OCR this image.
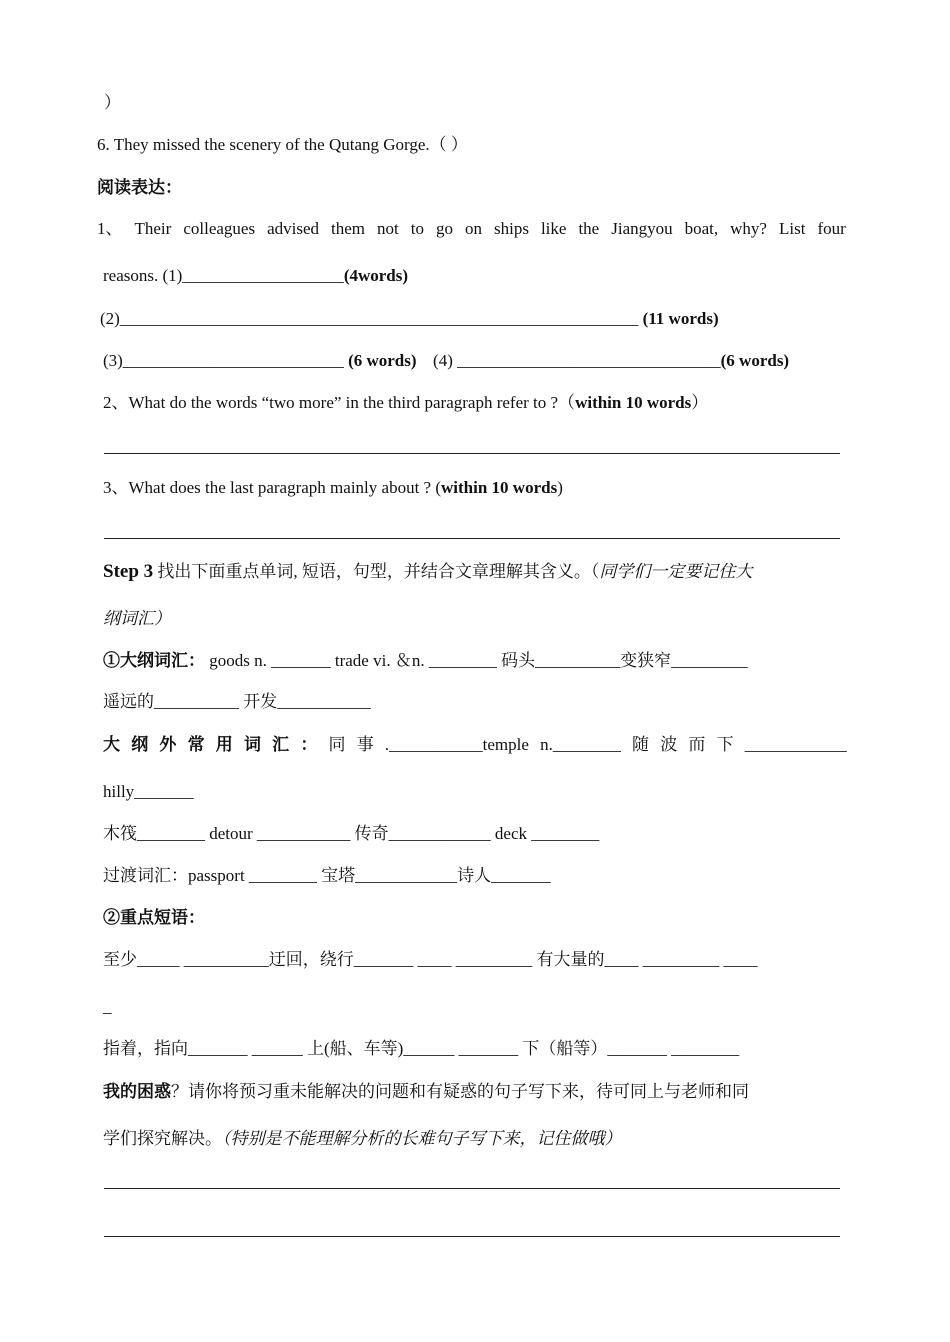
）
6. They missed the scenery of the Qutang Gorge.（ ）
阅读表达：
1、 Their colleagues advised them not to go on ships like the Jiangyou boat, why? List four
reasons. (1)___________________(4words)
(2)_____________________________________________________________ (11 words)
(3)__________________________ (6 words) (4) _______________________________(6 words)
2、What do the words “two more” in the third paragraph refer to ?（within 10 words）
3、What does the last paragraph mainly about ? (within 10 words)
Step 3 找出下面重点单词, 短语，句型，并结合文章理解其含义。（同学们一定要记住大
纲词汇）
①大纲词汇： goods n. _______ trade vi. ＆n. ________ 码头__________变狭窄_________
遥远的__________ 开发___________
大 纲 外 常 用 词 汇 ： 同 事 .___________temple n.________ 随 波 而 下 ____________
hilly_______
木筏________ detour ___________ 传奇____________ deck ________
过渡词汇：passport ________ 宝塔____________诗人_______
②重点短语：
至少_____ __________迂回，绕行_______ ____ _________ 有大量的____ _________ ____
_
指着，指向_______ ______ 上(船、车等)______ _______ 下（船等）_______ ________
我的困惑？请你将预习重未能解决的问题和有疑惑的句子写下来，待可同上与老师和同
学们探究解决。（特别是不能理解分析的长难句子写下来，记住做哦）
